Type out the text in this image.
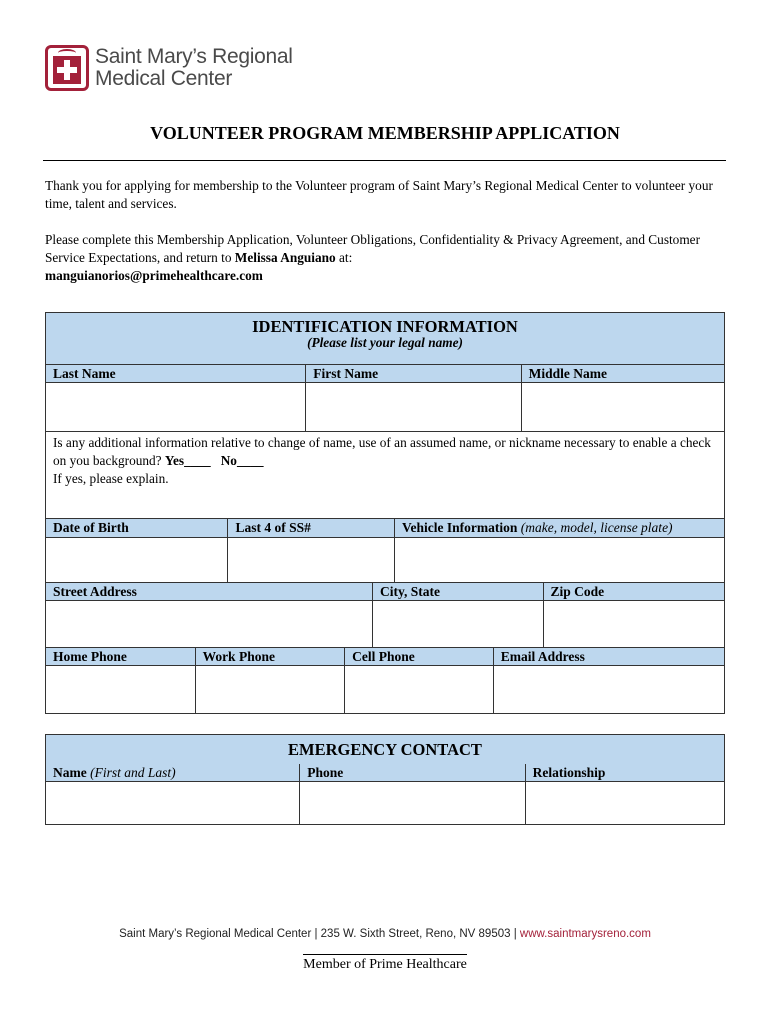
Saint Mary’s Regional
Medical Center
VOLUNTEER PROGRAM MEMBERSHIP APPLICATION
Thank you for applying for membership to the Volunteer program of Saint Mary’s Regional Medical Center to volunteer your time, talent and services.
Please complete this Membership Application, Volunteer Obligations, Confidentiality & Privacy Agreement, and Customer Service Expectations, and return to Melissa Anguiano at:
manguianorios@primehealthcare.com
IDENTIFICATION INFORMATION
(Please list your legal name)
Last Name	First Name	Middle Name
Is any additional information relative to change of name, use of an assumed name, or nickname necessary to enable a check on you background? Yes____ No____
If yes, please explain.
Date of Birth	Last 4 of SS#	Vehicle Information (make, model, license plate)
Street Address	City, State	Zip Code
Home Phone	Work Phone	Cell Phone	Email Address
EMERGENCY CONTACT
Name (First and Last)	Phone	Relationship
Saint Mary’s Regional Medical Center | 235 W. Sixth Street, Reno, NV 89503 | www.saintmarysreno.com
Member of Prime Healthcare
